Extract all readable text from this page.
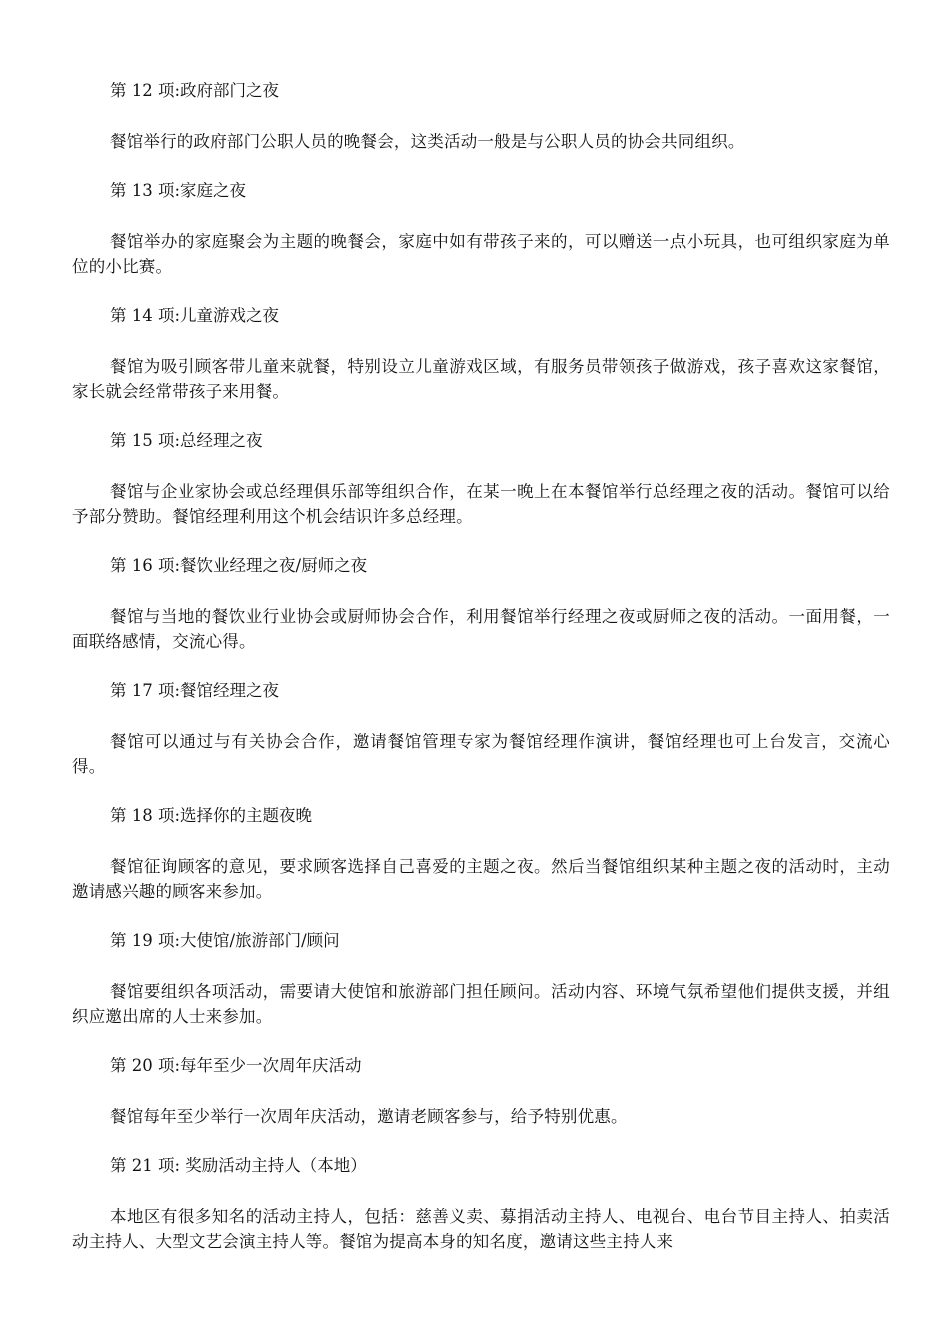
第 12 项:政府部门之夜

餐馆举行的政府部门公职人员的晚餐会，这类活动一般是与公职人员的协会共同组织。

第 13 项:家庭之夜

餐馆举办的家庭聚会为主题的晚餐会，家庭中如有带孩子来的，可以赠送一点小玩具，也可组织家庭为单位的小比赛。

第 14 项:儿童游戏之夜

餐馆为吸引顾客带儿童来就餐，特别设立儿童游戏区域，有服务员带领孩子做游戏，孩子喜欢这家餐馆，家长就会经常带孩子来用餐。

第 15 项:总经理之夜

餐馆与企业家协会或总经理俱乐部等组织合作，在某一晚上在本餐馆举行总经理之夜的活动。餐馆可以给予部分赞助。餐馆经理利用这个机会结识许多总经理。

第 16 项:餐饮业经理之夜/厨师之夜

餐馆与当地的餐饮业行业协会或厨师协会合作，利用餐馆举行经理之夜或厨师之夜的活动。一面用餐，一面联络感情，交流心得。

第 17 项:餐馆经理之夜

餐馆可以通过与有关协会合作，邀请餐馆管理专家为餐馆经理作演讲，餐馆经理也可上台发言，交流心得。

第 18 项:选择你的主题夜晚

餐馆征询顾客的意见，要求顾客选择自己喜爱的主题之夜。然后当餐馆组织某种主题之夜的活动时，主动邀请感兴趣的顾客来参加。

第 19 项:大使馆/旅游部门/顾问

餐馆要组织各项活动，需要请大使馆和旅游部门担任顾问。活动内容、环境气氛希望他们提供支援，并组织应邀出席的人士来参加。

第 20 项:每年至少一次周年庆活动

餐馆每年至少举行一次周年庆活动，邀请老顾客参与，给予特别优惠。

第 21 项: 奖励活动主持人（本地）

本地区有很多知名的活动主持人，包括：慈善义卖、募捐活动主持人、电视台、电台节目主持人、拍卖活动主持人、大型文艺会演主持人等。餐馆为提高本身的知名度，邀请这些主持人来
